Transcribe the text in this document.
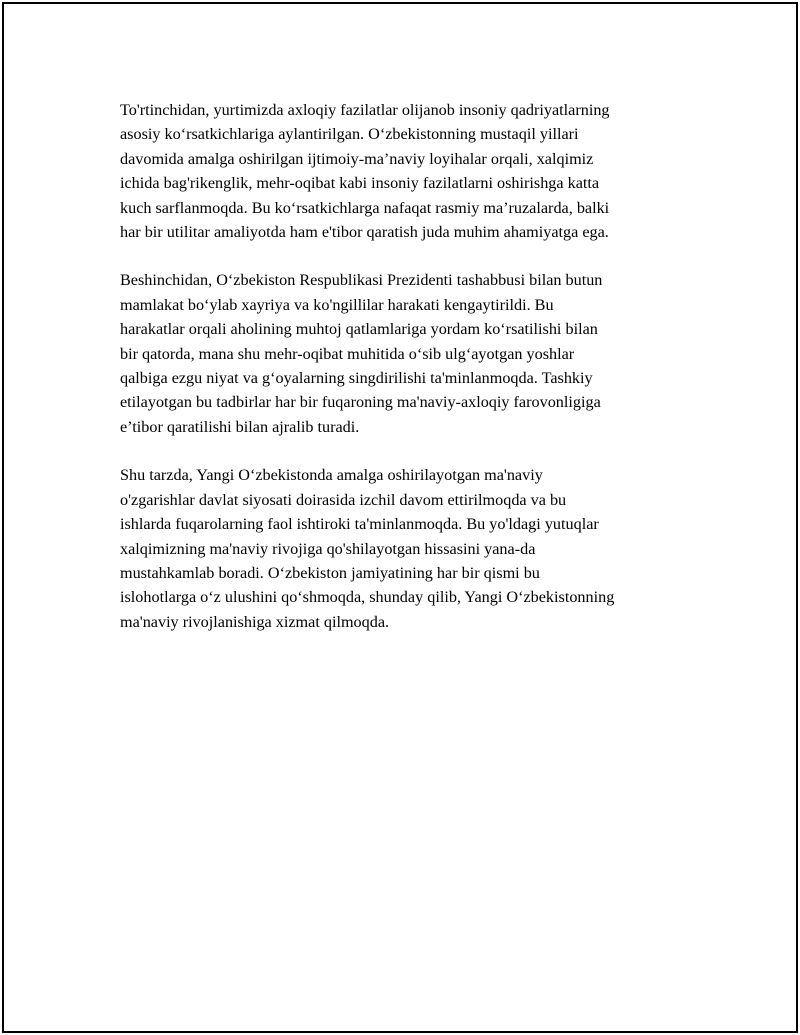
To'rtinchidan, yurtimizda axloqiy fazilatlar olijanob insoniy qadriyatlarning
asosiy ko‘rsatkichlariga aylantirilgan. O‘zbekistonning mustaqil yillari
davomida amalga oshirilgan ijtimoiy-ma’naviy loyihalar orqali, xalqimiz
ichida bag'rikenglik, mehr-oqibat kabi insoniy fazilatlarni oshirishga katta
kuch sarflanmoqda. Bu ko‘rsatkichlarga nafaqat rasmiy ma’ruzalarda, balki
har bir utilitar amaliyotda ham e'tibor qaratish juda muhim ahamiyatga ega.

Beshinchidan, O‘zbekiston Respublikasi Prezidenti tashabbusi bilan butun
mamlakat bo‘ylab xayriya va ko'ngillilar harakati kengaytirildi. Bu
harakatlar orqali aholining muhtoj qatlamlariga yordam ko‘rsatilishi bilan
bir qatorda, mana shu mehr-oqibat muhitida o‘sib ulg‘ayotgan yoshlar
qalbiga ezgu niyat va g‘oyalarning singdirilishi ta'minlanmoqda. Tashkiy
etilayotgan bu tadbirlar har bir fuqaroning ma'naviy-axloqiy farovonligiga
e’tibor qaratilishi bilan ajralib turadi.

Shu tarzda, Yangi O‘zbekistonda amalga oshirilayotgan ma'naviy
o'zgarishlar davlat siyosati doirasida izchil davom ettirilmoqda va bu
ishlarda fuqarolarning faol ishtiroki ta'minlanmoqda. Bu yo'ldagi yutuqlar
xalqimizning ma'naviy rivojiga qo'shilayotgan hissasini yana-da
mustahkamlab boradi. O‘zbekiston jamiyatining har bir qismi bu
islohotlarga o‘z ulushini qo‘shmoqda, shunday qilib, Yangi O‘zbekistonning
ma'naviy rivojlanishiga xizmat qilmoqda.
